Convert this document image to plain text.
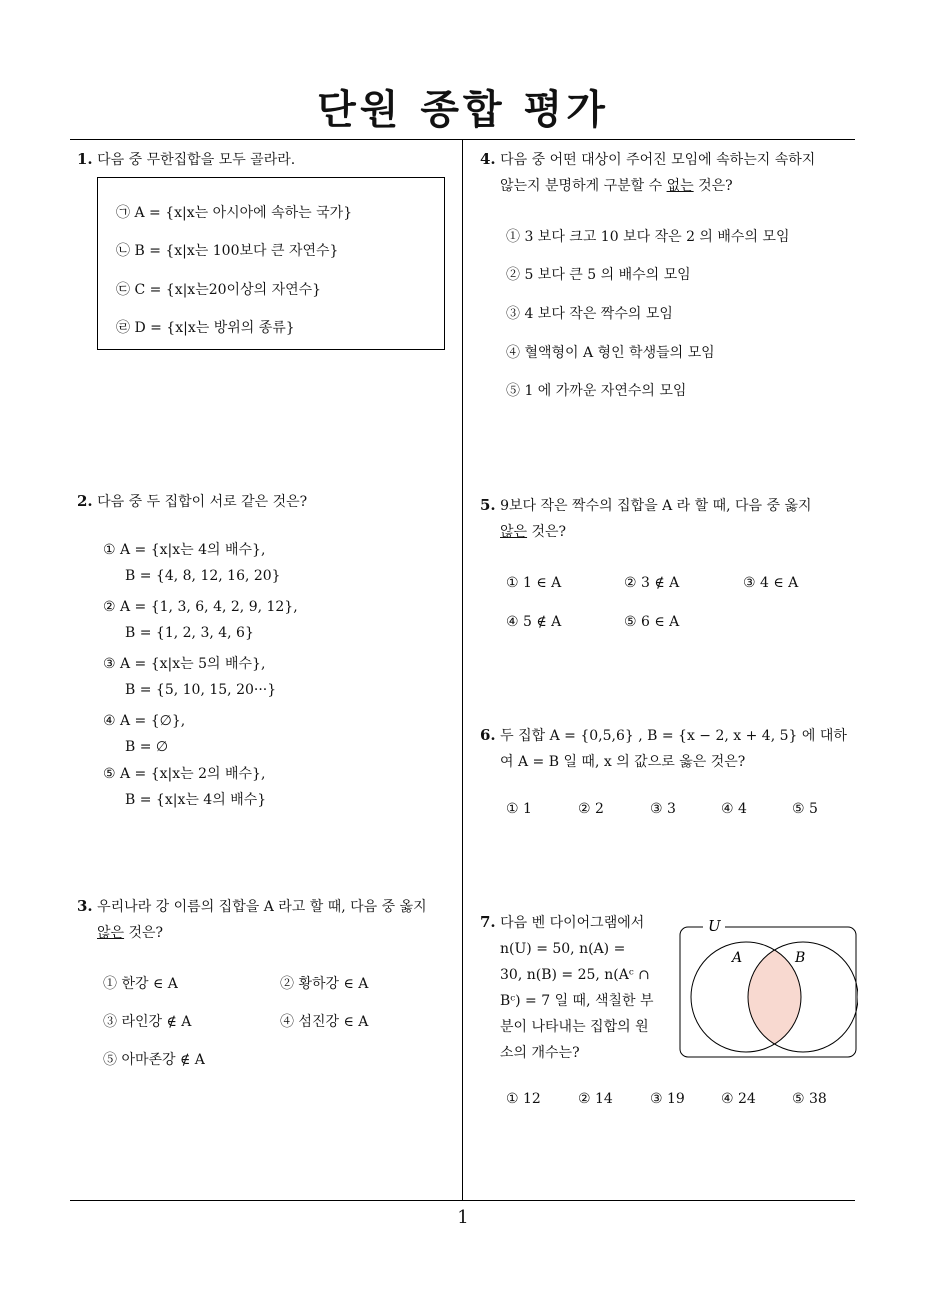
단원 종합 평가
1. 다음 중 무한집합을 모두 골라라.
㉠ A = {x|x는 아시아에 속하는 국가}
㉡ B = {x|x는 100보다 큰 자연수}
㉢ C = {x|x는20이상의 자연수}
㉣ D = {x|x는 방위의 종류}
2. 다음 중 두 집합이 서로 같은 것은?
① A = {x|x는 4의 배수},
B = {4, 8, 12, 16, 20}
② A = {1, 3, 6, 4, 2, 9, 12},
B = {1, 2, 3, 4, 6}
③ A = {x|x는 5의 배수},
B = {5, 10, 15, 20···}
④ A = {∅},
B = ∅
⑤ A = {x|x는 2의 배수},
B = {x|x는 4의 배수}
3. 우리나라 강 이름의 집합을 A 라고 할 때, 다음 중 옳지
않은 것은?
① 한강 ∈ A	② 황하강 ∈ A
③ 라인강 ∉ A	④ 섬진강 ∈ A
⑤ 아마존강 ∉ A
4. 다음 중 어떤 대상이 주어진 모임에 속하는지 속하지
않는지 분명하게 구분할 수 없는 것은?
① 3 보다 크고 10 보다 작은 2 의 배수의 모임
② 5 보다 큰 5 의 배수의 모임
③ 4 보다 작은 짝수의 모임
④ 혈액형이 A 형인 학생들의 모임
⑤ 1 에 가까운 자연수의 모임
5. 9보다 작은 짝수의 집합을 A 라 할 때, 다음 중 옳지
않은 것은?
① 1 ∈ A	② 3 ∉ A	③ 4 ∈ A
④ 5 ∉ A	⑤ 6 ∈ A
6. 두 집합 A = {0,5,6} , B = {x − 2, x + 4, 5} 에 대하
여 A = B 일 때, x 의 값으로 옳은 것은?
① 1	② 2	③ 3	④ 4	⑤ 5
7. 다음 벤 다이어그램에서
n(U) = 50, n(A) =
30, n(B) = 25, n(Aᶜ ∩
Bᶜ) = 7 일 때, 색칠한 부
분이 나타내는 집합의 원
소의 개수는?
U
A	B
① 12	② 14	③ 19	④ 24	⑤ 38
1
